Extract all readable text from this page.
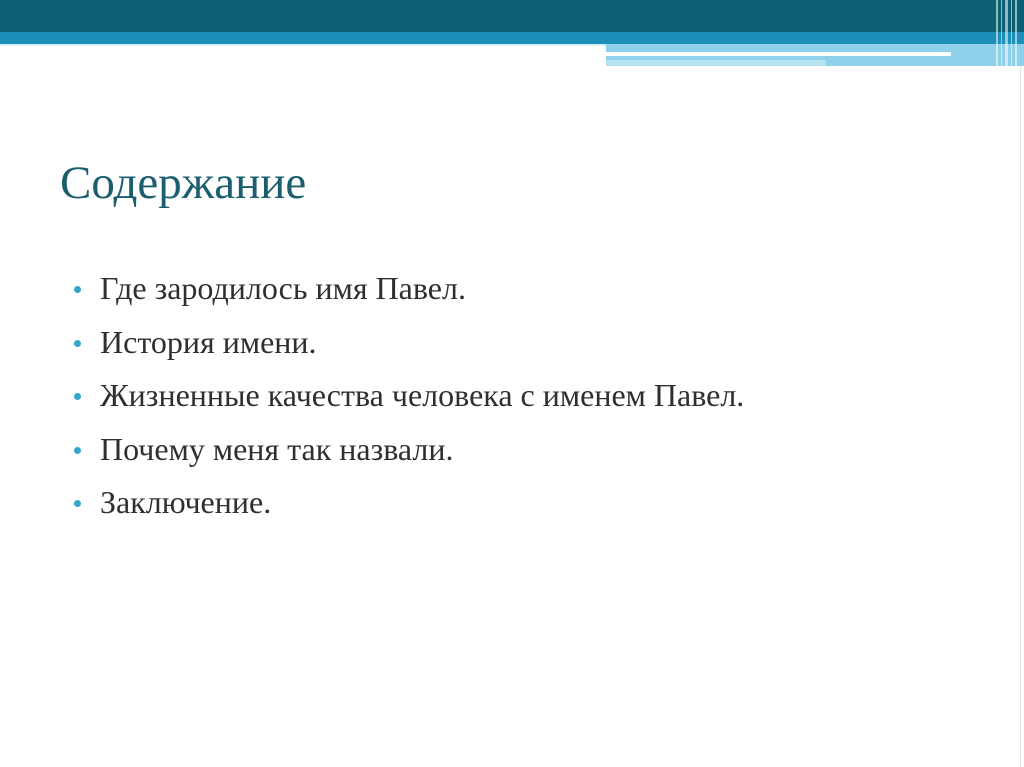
Содержание
Где зародилось имя Павел.
История имени.
Жизненные качества человека с именем Павел.
Почему меня так назвали.
Заключение.
